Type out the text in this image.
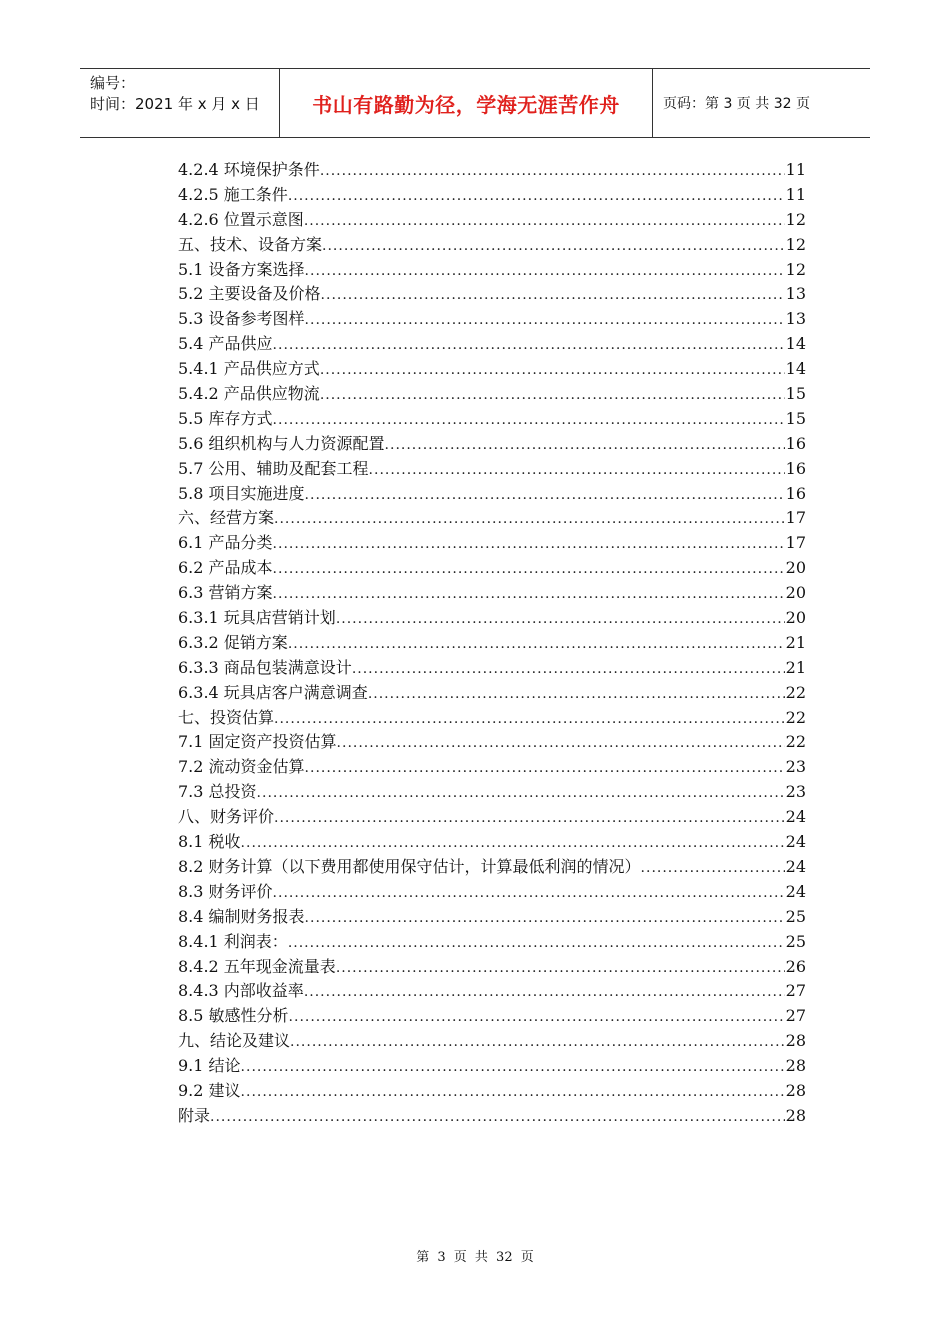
编号：
时间：2021 年 x 月 x 日	书山有路勤为径，学海无涯苦作舟	页码：第 3 页 共 32 页
4.2.4 环境保护条件 .....	11
4.2.5 施工条件 .....	11
4.2.6 位置示意图 .....	12
五、技术、设备方案 .....	12
5.1 设备方案选择 .....	12
5.2 主要设备及价格 .....	13
5.3 设备参考图样 .....	13
5.4 产品供应 .....	14
5.4.1 产品供应方式 .....	14
5.4.2 产品供应物流 .....	15
5.5 库存方式 .....	15
5.6 组织机构与人力资源配置 .....	16
5.7 公用、辅助及配套工程 .....	16
5.8 项目实施进度 .....	16
六、经营方案 .....	17
6.1 产品分类 .....	17
6.2 产品成本 .....	20
6.3 营销方案 .....	20
6.3.1 玩具店营销计划 .....	20
6.3.2 促销方案 .....	21
6.3.3 商品包装满意设计 .....	21
6.3.4 玩具店客户满意调查 .....	22
七、投资估算 .....	22
7.1 固定资产投资估算 .....	22
7.2 流动资金估算 .....	23
7.3 总投资 .....	23
八、财务评价 .....	24
8.1 税收 .....	24
8.2 财务计算（以下费用都使用保守估计，计算最低利润的情况） .....	24
8.3 财务评价 .....	24
8.4 编制财务报表 .....	25
8.4.1 利润表： .....	25
8.4.2 五年现金流量表 .....	26
8.4.3 内部收益率 .....	27
8.5 敏感性分析 .....	27
九、结论及建议 .....	28
9.1 结论 .....	28
9.2 建议 .....	28
附录 .....	28
第 3 页 共 32 页
